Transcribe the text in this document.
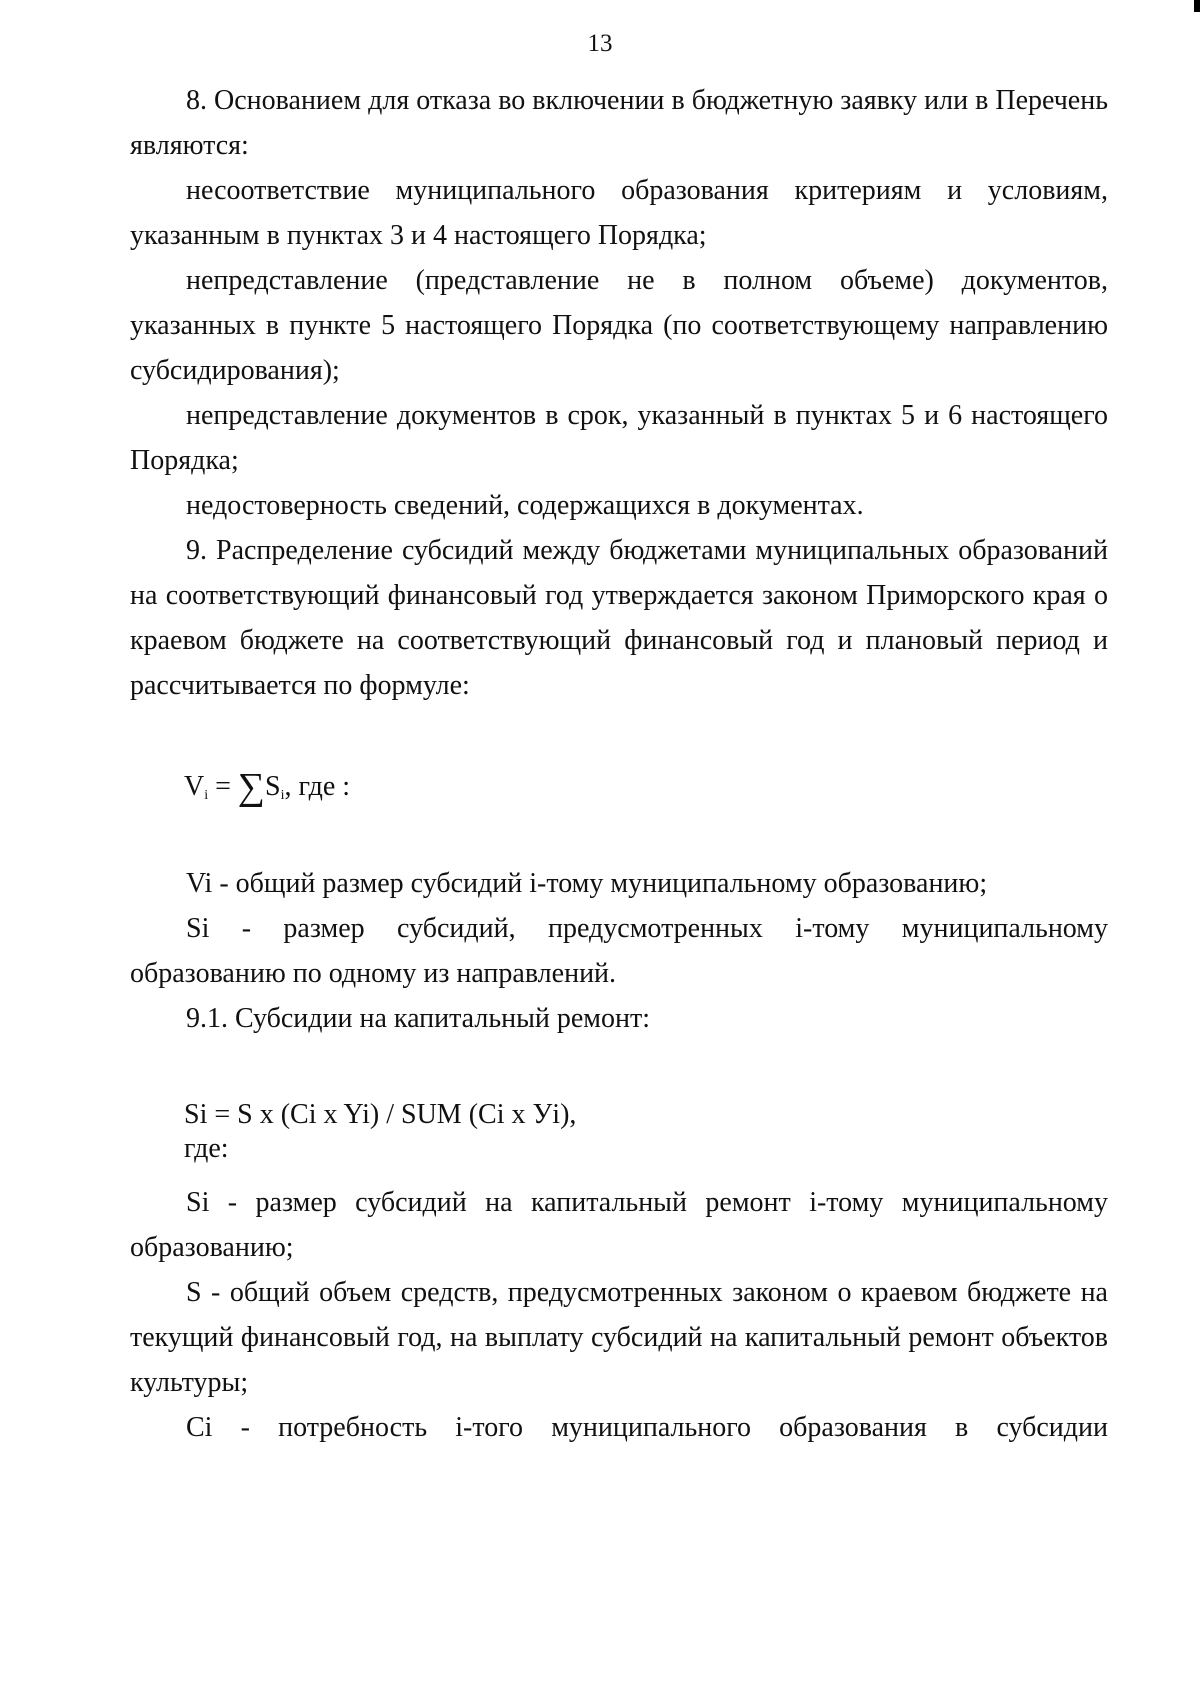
13

8. Основанием для отказа во включении в бюджетную заявку или в Перечень являются:

несоответствие муниципального образования критериям и условиям, указанным в пунктах 3 и 4 настоящего Порядка;

непредставление (представление не в полном объеме) документов, указанных в пункте 5 настоящего Порядка (по соответствующему направлению субсидирования);

непредставление документов в срок, указанный в пунктах 5 и 6 настоящего Порядка;

недостоверность сведений, содержащихся в документах.

9. Распределение субсидий между бюджетами муниципальных образований на соответствующий финансовый год утверждается законом Приморского края о краевом бюджете на соответствующий финансовый год и плановый период и рассчитывается по формуле:

$V_i = \sum S_i$, где :

Vi - общий размер субсидий i-тому муниципальному образованию;

Si - размер субсидий, предусмотренных i-тому муниципальному образованию по одному из направлений.

9.1. Субсидии на капитальный ремонт:

Si = S x (Ci x Yi) / SUM (Ci x Уi),
где:

Si - размер субсидий на капитальный ремонт i-тому муниципальному образованию;

S - общий объем средств, предусмотренных законом о краевом бюджете на текущий финансовый год, на выплату субсидий на капитальный ремонт объектов культуры;

Ci - потребность i-того муниципального образования в субсидии
